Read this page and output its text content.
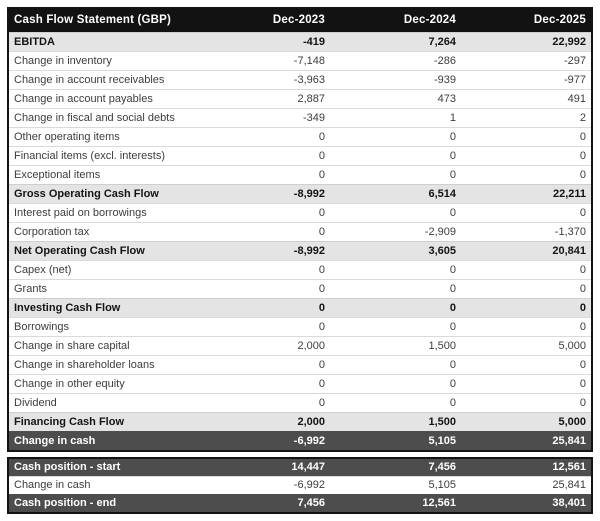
Cash Flow Statement (GBP)	Dec-2023	Dec-2024	Dec-2025
EBITDA	-419	7,264	22,992
Change in inventory	-7,148	-286	-297
Change in account receivables	-3,963	-939	-977
Change in account payables	2,887	473	491
Change in fiscal and social debts	-349	1	2
Other operating items	0	0	0
Financial items (excl. interests)	0	0	0
Exceptional items	0	0	0
Gross Operating Cash Flow	-8,992	6,514	22,211
Interest paid on borrowings	0	0	0
Corporation tax	0	-2,909	-1,370
Net Operating Cash Flow	-8,992	3,605	20,841
Capex (net)	0	0	0
Grants	0	0	0
Investing Cash Flow	0	0	0
Borrowings	0	0	0
Change in share capital	2,000	1,500	5,000
Change in shareholder loans	0	0	0
Change in other equity	0	0	0
Dividend	0	0	0
Financing Cash Flow	2,000	1,500	5,000
Change in cash	-6,992	5,105	25,841
Cash position - start	14,447	7,456	12,561
Change in cash	-6,992	5,105	25,841
Cash position - end	7,456	12,561	38,401
